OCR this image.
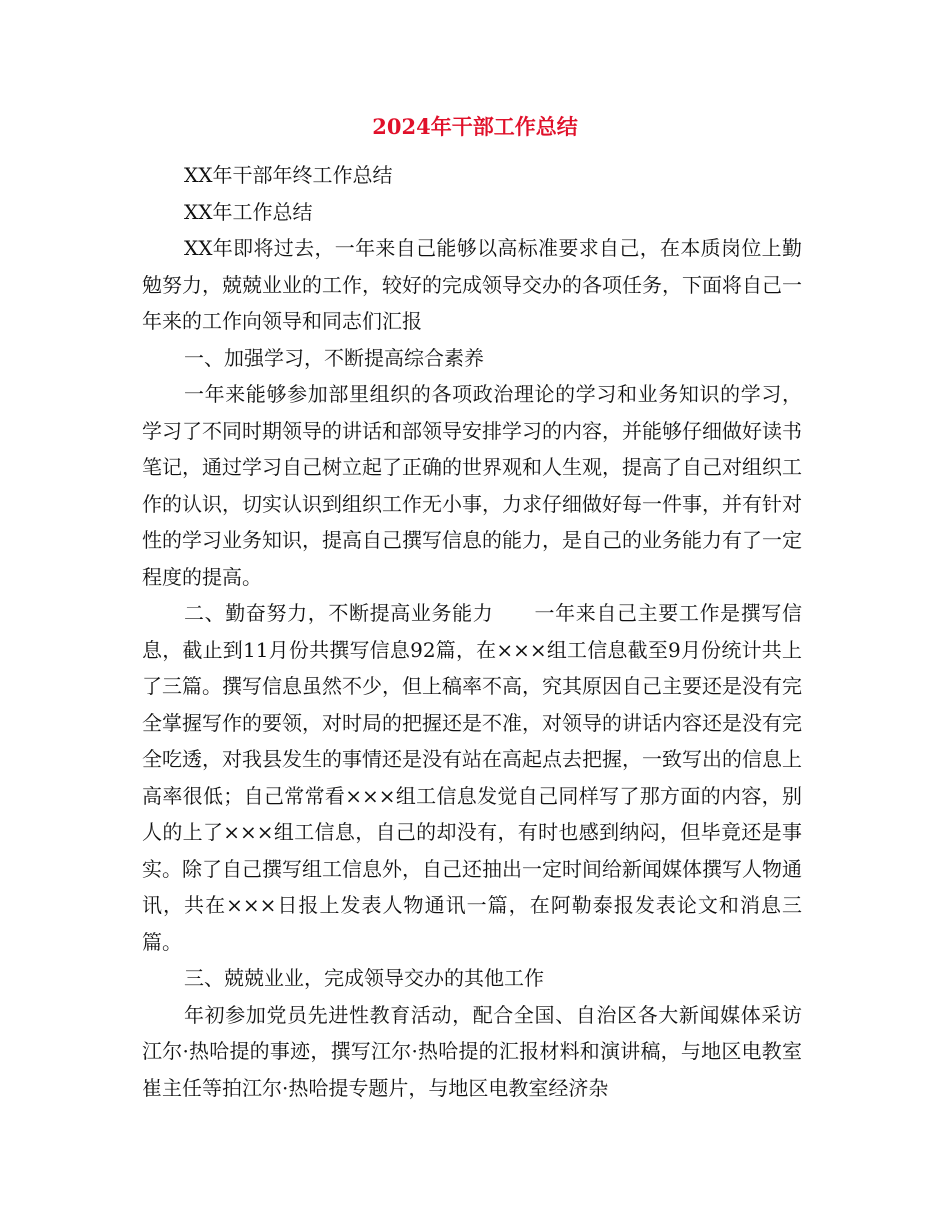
2024年干部工作总结

XX年干部年终工作总结

XX年工作总结

XX年即将过去，一年来自己能够以高标准要求自己，在本质岗位上勤勉努力，兢兢业业的工作，较好的完成领导交办的各项任务，下面将自己一年来的工作向领导和同志们汇报

一、加强学习，不断提高综合素养

一年来能够参加部里组织的各项政治理论的学习和业务知识的学习，学习了不同时期领导的讲话和部领导安排学习的内容，并能够仔细做好读书笔记，通过学习自己树立起了正确的世界观和人生观，提高了自己对组织工作的认识，切实认识到组织工作无小事，力求仔细做好每一件事，并有针对性的学习业务知识，提高自己撰写信息的能力，是自己的业务能力有了一定程度的提高。

二、勤奋努力，不断提高业务能力　　一年来自己主要工作是撰写信息，截止到11月份共撰写信息92篇，在×××组工信息截至9月份统计共上了三篇。撰写信息虽然不少，但上稿率不高，究其原因自己主要还是没有完全掌握写作的要领，对时局的把握还是不准，对领导的讲话内容还是没有完全吃透，对我县发生的事情还是没有站在高起点去把握，一致写出的信息上高率很低；自己常常看×××组工信息发觉自己同样写了那方面的内容，别人的上了×××组工信息，自己的却没有，有时也感到纳闷，但毕竟还是事实。除了自己撰写组工信息外，自己还抽出一定时间给新闻媒体撰写人物通讯，共在×××日报上发表人物通讯一篇，在阿勒泰报发表论文和消息三篇。

三、兢兢业业，完成领导交办的其他工作

年初参加党员先进性教育活动，配合全国、自治区各大新闻媒体采访江尔·热哈提的事迹，撰写江尔·热哈提的汇报材料和演讲稿，与地区电教室崔主任等拍江尔·热哈提专题片，与地区电教室经济杂
